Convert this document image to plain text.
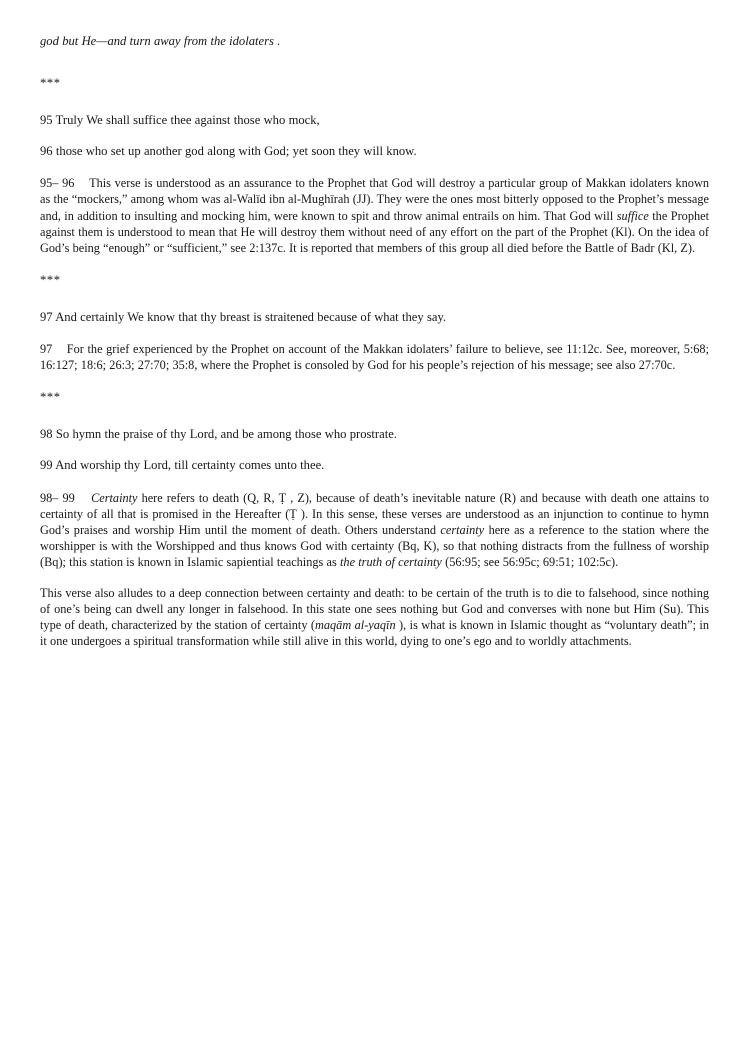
god but He—and turn away from the idolaters .

***

95 Truly We shall suffice thee against those who mock,

96 those who set up another god along with God; yet soon they will know.

95– 96 This verse is understood as an assurance to the Prophet that God will destroy a particular group of Makkan idolaters known as the “mockers,” among whom was al-Walīd ibn al-Mughīrah (JJ). They were the ones most bitterly opposed to the Prophet’s message and, in addition to insulting and mocking him, were known to spit and throw animal entrails on him. That God will suffice the Prophet against them is understood to mean that He will destroy them without need of any effort on the part of the Prophet (Kl). On the idea of God’s being “enough” or “sufficient,” see 2:137c. It is reported that members of this group all died before the Battle of Badr (Kl, Z).

***

97 And certainly We know that thy breast is straitened because of what they say.

97 For the grief experienced by the Prophet on account of the Makkan idolaters’ failure to believe, see 11:12c. See, moreover, 5:68; 16:127; 18:6; 26:3; 27:70; 35:8, where the Prophet is consoled by God for his people’s rejection of his message; see also 27:70c.

***

98 So hymn the praise of thy Lord, and be among those who prostrate.

99 And worship thy Lord, till certainty comes unto thee.

98– 99 Certainty here refers to death (Q, R, Ṭ , Z), because of death’s inevitable nature (R) and because with death one attains to certainty of all that is promised in the Hereafter (Ṭ ). In this sense, these verses are understood as an injunction to continue to hymn God’s praises and worship Him until the moment of death. Others understand certainty here as a reference to the station where the worshipper is with the Worshipped and thus knows God with certainty (Bq, K), so that nothing distracts from the fullness of worship (Bq); this station is known in Islamic sapiential teachings as the truth of certainty (56:95; see 56:95c; 69:51; 102:5c).

This verse also alludes to a deep connection between certainty and death: to be certain of the truth is to die to falsehood, since nothing of one’s being can dwell any longer in falsehood. In this state one sees nothing but God and converses with none but Him (Su). This type of death, characterized by the station of certainty (maqām al-yaqīn ), is what is known in Islamic thought as “voluntary death”; in it one undergoes a spiritual transformation while still alive in this world, dying to one’s ego and to worldly attachments.
